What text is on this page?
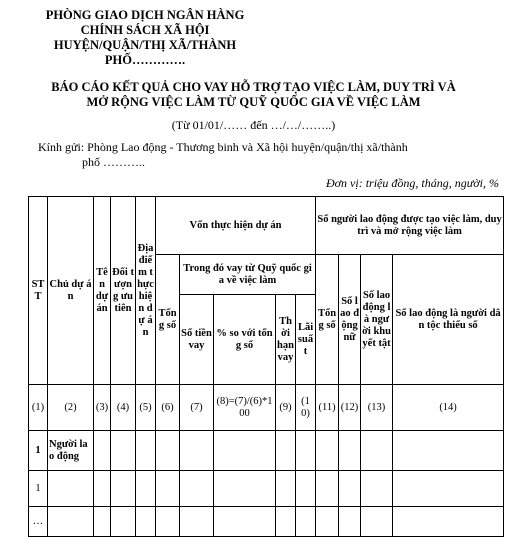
PHÒNG GIAO DỊCH NGÂN HÀNG
CHÍNH SÁCH XÃ HỘI
HUYỆN/QUẬN/THỊ XÃ/THÀNH
PHỐ………….
BÁO CÁO KẾT QUẢ CHO VAY HỖ TRỢ TẠO VIỆC LÀM, DUY TRÌ VÀ
MỞ RỘNG VIỆC LÀM TỪ QUỸ QUỐC GIA VỀ VIỆC LÀM
(Từ 01/01/…… đến …/…/……..)
Kính gửi: Phòng Lao động - Thương binh và Xã hội huyện/quận/thị xã/thành
phố ………..
Đơn vị: triệu đồng, tháng, người, %
STT	Chủ dự án	Tên dự án	Đối tượng ưu tiên	Địa điểm thực hiện dự án	Vốn thực hiện dự án					Số người lao động được tạo việc làm, duy trì và mở rộng việc làm			
					Tổng số	Trong đó vay từ Quỹ quốc gia về việc làm				Tổng số	Số lao động nữ	Số lao động là người khuyết tật	Số lao động là người dân tộc thiểu số
						Số tiền vay	% so với tổng số	Thời hạn vay	Lãi suất				
(1)	(2)	(3)	(4)	(5)	(6)	(7)	(8)=(7)/(6)*100	(9)	(10)	(11)	(12)	(13)	(14)
1	Người lao động												
1													
…													
